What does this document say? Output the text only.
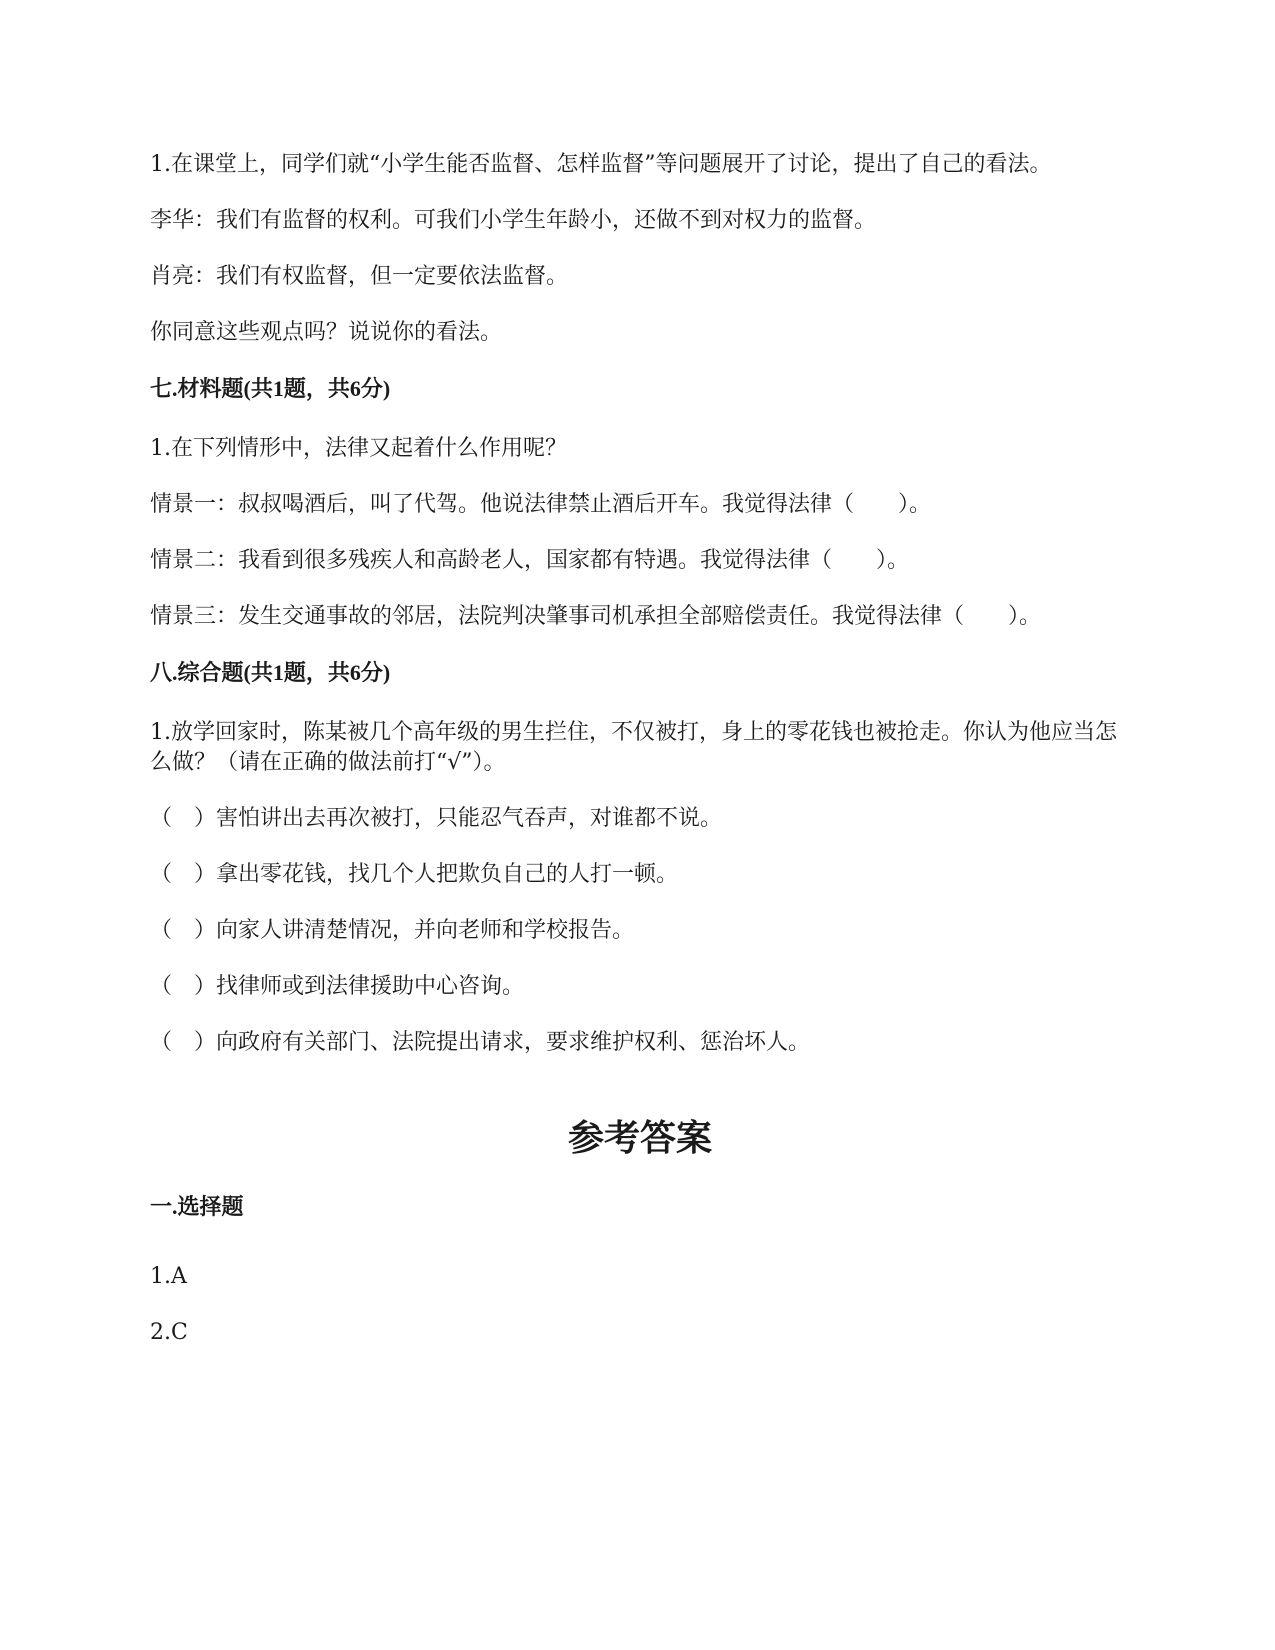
1.在课堂上，同学们就“小学生能否监督、怎样监督”等问题展开了讨论，提出了自己的看法。

李华：我们有监督的权利。可我们小学生年龄小，还做不到对权力的监督。

肖亮：我们有权监督，但一定要依法监督。

你同意这些观点吗？说说你的看法。

七.材料题(共1题，共6分)

1.在下列情形中，法律又起着什么作用呢？

情景一：叔叔喝酒后，叫了代驾。他说法律禁止酒后开车。我觉得法律（　　）。

情景二：我看到很多残疾人和高龄老人，国家都有特遇。我觉得法律（　　）。

情景三：发生交通事故的邻居，法院判决肇事司机承担全部赔偿责任。我觉得法律（　　）。

八.综合题(共1题，共6分)

1.放学回家时，陈某被几个高年级的男生拦住，不仅被打，身上的零花钱也被抢走。你认为他应当怎么做？（请在正确的做法前打“√”）。

（　）害怕讲出去再次被打，只能忍气吞声，对谁都不说。
（　）拿出零花钱，找几个人把欺负自己的人打一顿。
（　）向家人讲清楚情况，并向老师和学校报告。
（　）找律师或到法律援助中心咨询。
（　）向政府有关部门、法院提出请求，要求维护权利、惩治坏人。
参考答案
一.选择题
1.A
2.C
